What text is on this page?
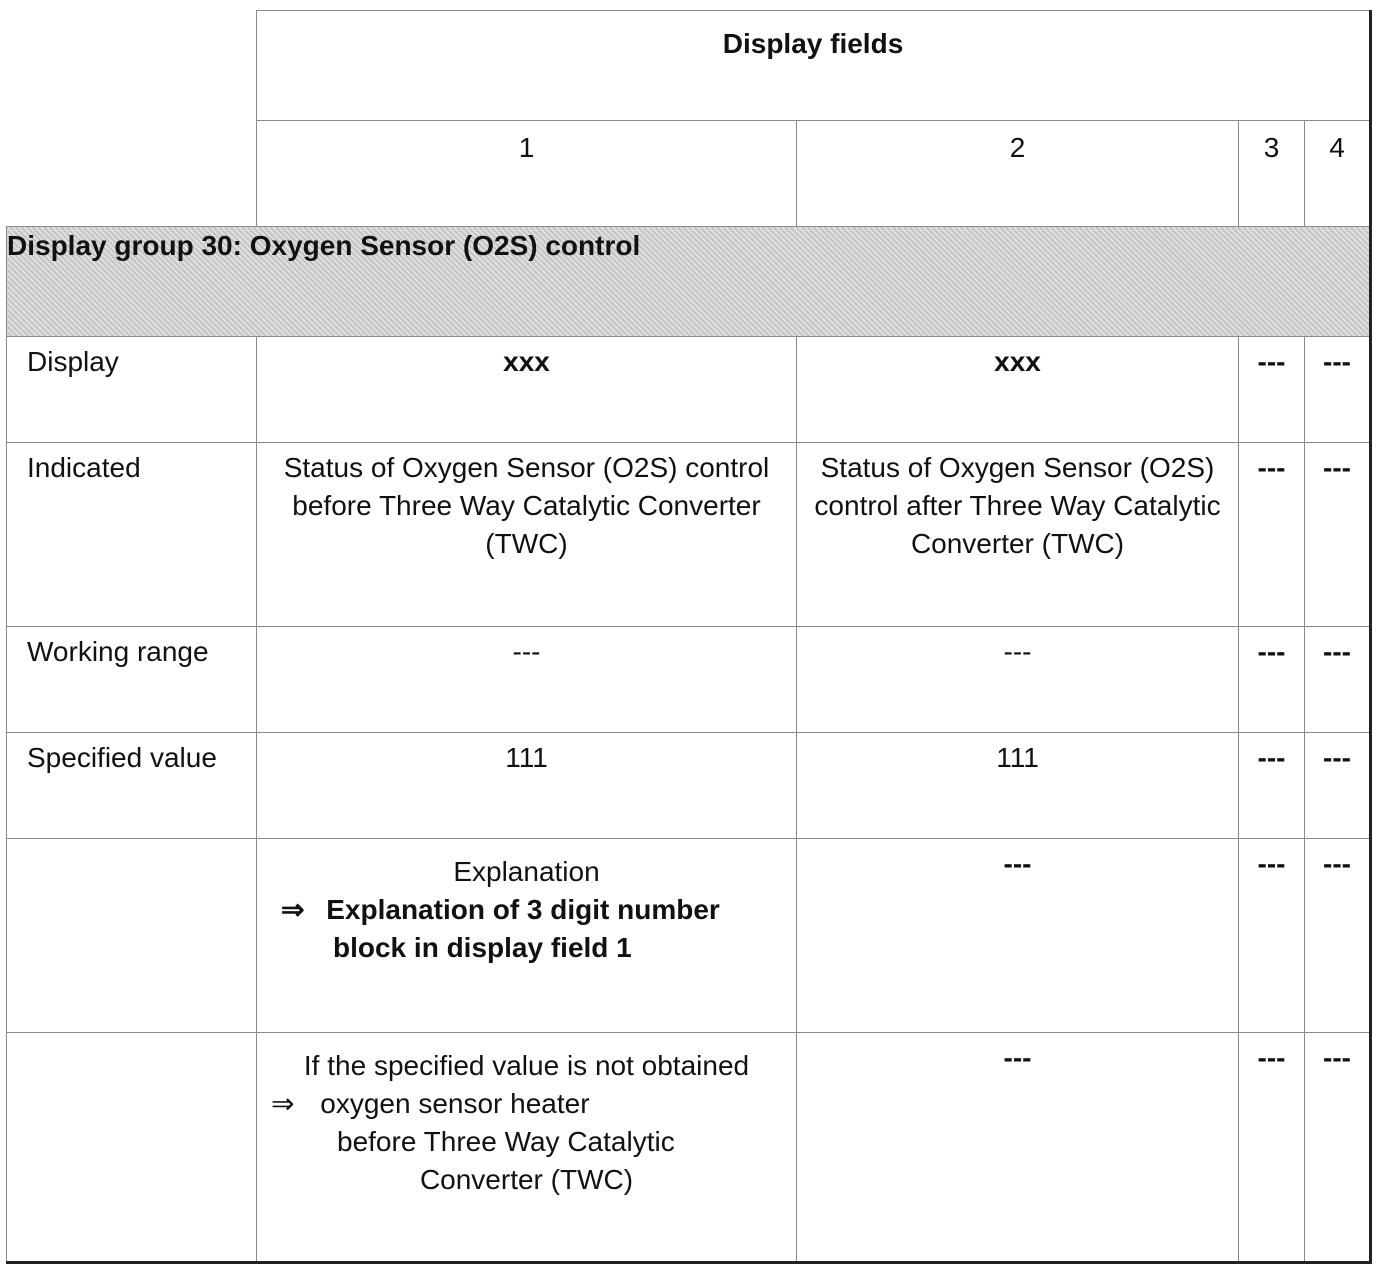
	Display fields			
	1	2	3	4
Display group 30: Oxygen Sensor (O2S) control				
Display	xxx	xxx	---	---
Indicated	Status of Oxygen Sensor (O2S) control before Three Way Catalytic Converter (TWC)	Status of Oxygen Sensor (O2S) control after Three Way Catalytic Converter (TWC)	---	---
Working range	---	---	---	---
Specified value	111	111	---	---

	Explanation
⇒ Explanation of 3 digit number
block in display field 1	---	---	---

	If the specified value is not obtained
⇒ oxygen sensor heater
before Three Way Catalytic
Converter (TWC)	---	---	---
